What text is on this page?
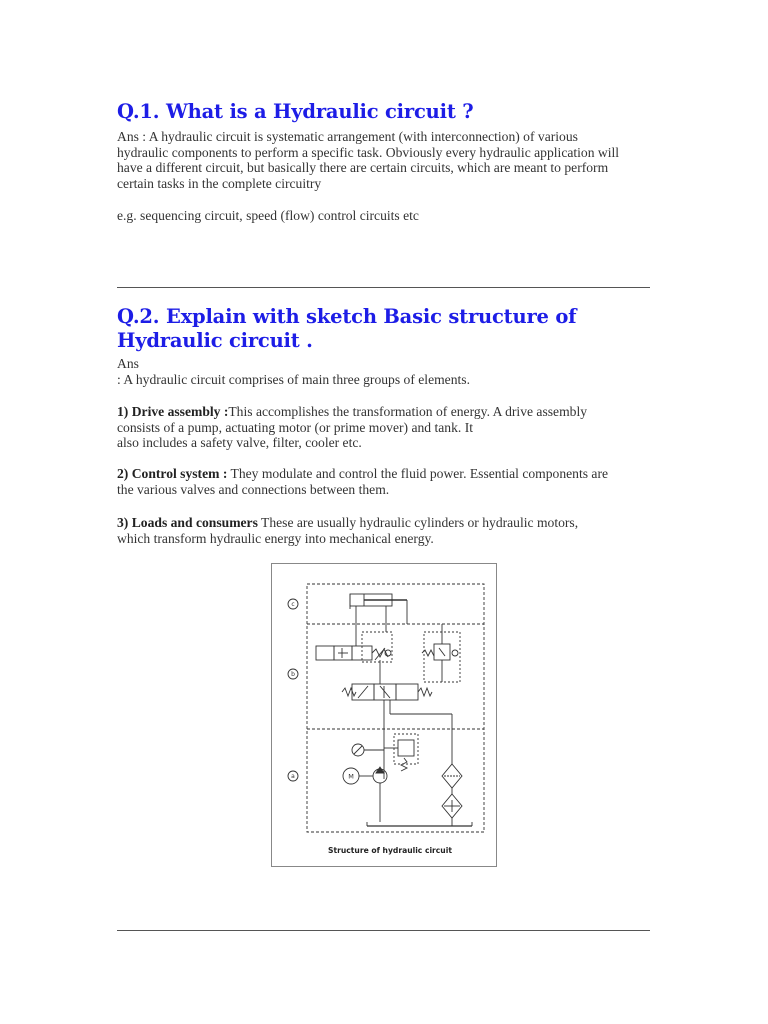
Q.1. What is a Hydraulic circuit ?

Ans : A hydraulic circuit is systematic arrangement (with interconnection) of various
hydraulic components to perform a specific task. Obviously every hydraulic application will
have a different circuit, but basically there are certain circuits, which are meant to perform
certain tasks in the complete circuitry

e.g. sequencing circuit, speed (flow) control circuits etc

Q.2. Explain with sketch Basic structure of
Hydraulic circuit .

Ans
: A hydraulic circuit comprises of main three groups of elements.

1) Drive assembly :This accomplishes the transformation of energy. A drive assembly
consists of a pump, actuating motor (or prime mover) and tank. It
also includes a safety valve, filter, cooler etc.

2) Control system : They modulate and control the fluid power. Essential components are
the various valves and connections between them.

3) Loads and consumers These are usually hydraulic cylinders or hydraulic motors,
which transform hydraulic energy into mechanical energy.

c
b
a	M
Structure of hydraulic circuit
